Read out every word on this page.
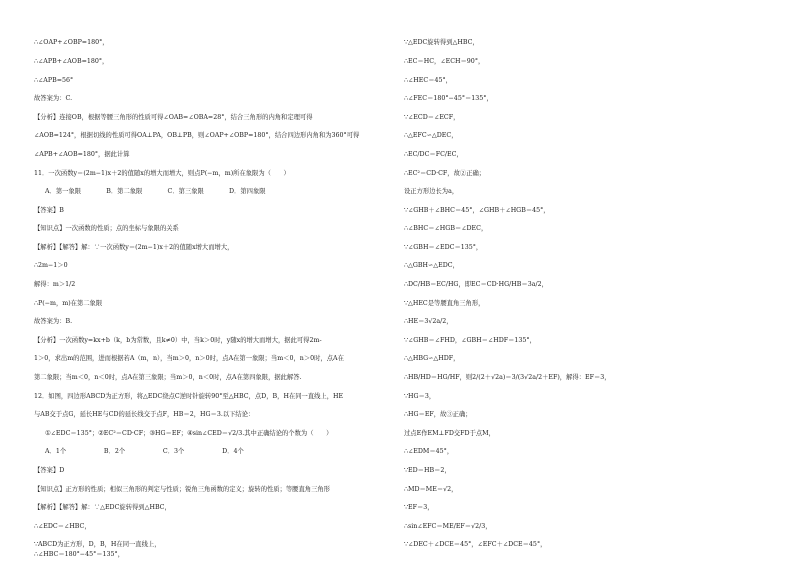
∴∠OAP+∠OBP=180°，
∴∠APB+∠AOB=180°，
∴∠APB=56°
故答案为：C.
【分析】连接OB，根据等腰三角形的性质可得∠OAB=∠OBA=28°，结合三角形的内角和定理可得
∠AOB=124°，根据切线的性质可得OA⊥PA，OB⊥PB，则∠OAP+∠OBP=180°，结合四边形内角和为360°可得
∠APB+∠AOB=180°，据此计算
11．一次函数y＝(2m−1)x＋2的值随x的增大而增大，则点P(−m，m)所在象限为（　　）
A．第一象限　　　　B．第二象限　　　　C．第三象限　　　　D．第四象限
【答案】B
【知识点】一次函数的性质；点的坐标与象限的关系
【解析】【解答】解：∵一次函数y＝(2m−1)x＋2的值随x增大而增大，
∴2m−1＞0
解得：m＞1/2
∴P(−m，m)在第二象限
故答案为：B.
【分析】一次函数y=kx+b（k，b为常数，且k≠0）中，当k＞0时，y随x的增大而增大，据此可得2m-
1＞0，求出m的范围，进而根据若A（m，n），当m＞0，n＞0时，点A在第一象限；当m＜0，n＞0时，点A在
第二象限；当m＜0，n＜0时，点A在第三象限；当m＞0，n＜0时，点A在第四象限，据此解答.
12．如图，四边形ABCD为正方形，将△EDC绕点C逆时针旋转90°至△HBC，点D，B，H在同一直线上，HE
与AB交于点G，延长HE与CD的延长线交于点F，HB＝2，HG＝3.以下结论：
①∠EDC＝135°；②EC²＝CD·CF；③HG＝EF；④sin∠CED＝√2/3.其中正确结论的个数为（　　）
A．1个　　　　　　B．2个　　　　　　C．3个　　　　　　D．4个
【答案】D
【知识点】正方形的性质；相似三角形的判定与性质；锐角三角函数的定义；旋转的性质；等腰直角三角形
【解析】【解答】解：∵△EDC旋转得到△HBC，
∴∠EDC＝∠HBC，
∵ABCD为正方形，D，B，H在同一直线上，
∴∠HBC＝180°−45°＝135°，
∵△EDC旋转得到△HBC，
∴EC＝HC，∠ECH＝90°，
∴∠HEC＝45°，
∴∠FEC＝180°−45°＝135°，
∵∠ECD＝∠ECF，
∴△EFC∽△DEC，
∴EC/DC＝FC/EC，
∴EC²＝CD·CF，故②正确；
设正方形边长为a，
∵∠GHB＋∠BHC＝45°，∠GHB＋∠HGB＝45°，
∴∠BHC＝∠HGB＝∠DEC，
∵∠GBH＝∠EDC＝135°，
∴△GBH∽△EDC，
∴DC/HB＝EC/HG，即EC＝CD·HG/HB＝3a/2，
∵△HEC是等腰直角三角形，
∴HE＝3√2a/2，
∵∠GHB＝∠FHD，∠GBH＝∠HDF＝135°，
∴△HBG∽△HDF，
∴HB/HD＝HG/HF，则2/(2＋√2a)＝3/(3√2a/2＋EF)，解得：EF＝3，
∵HG＝3，
∴HG＝EF，故③正确；
过点E作EM⊥FD交FD于点M，
∴∠EDM＝45°，
∵ED＝HB＝2，
∴MD＝ME＝√2，
∵EF＝3，
∴sin∠EFC＝ME/EF＝√2/3，
∵∠DEC＋∠DCE＝45°，∠EFC＋∠DCE＝45°，
